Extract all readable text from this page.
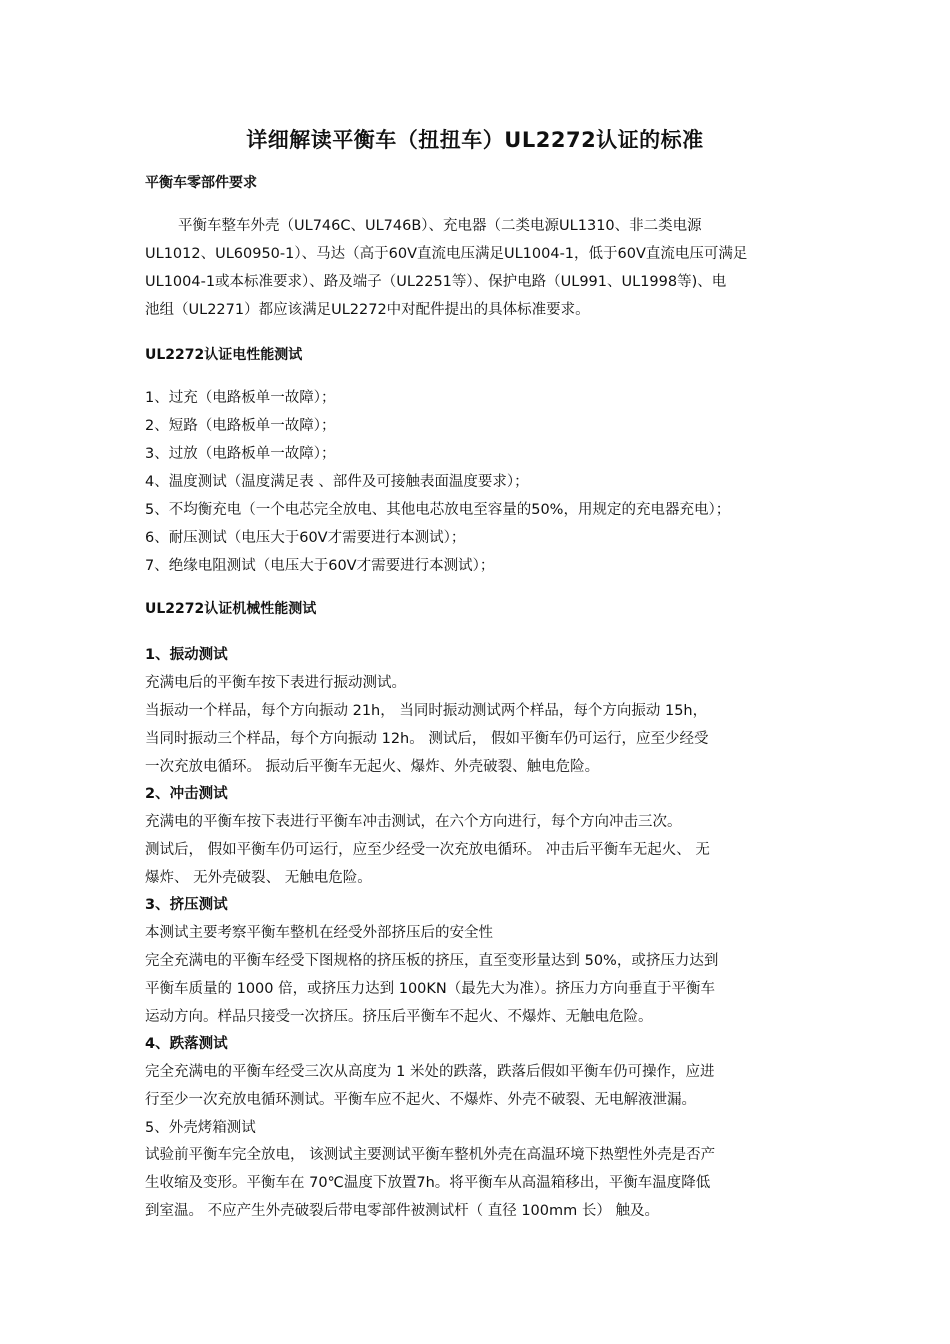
详细解读平衡车（扭扭车）UL2272认证的标准
平衡车零部件要求
平衡车整车外壳（UL746C、UL746B）、充电器（二类电源UL1310、非二类电源
UL1012、UL60950-1）、马达（高于60V直流电压满足UL1004-1，低于60V直流电压可满足
UL1004-1或本标准要求）、路及端子（UL2251等）、保护电路（UL991、UL1998等)、电
池组（UL2271）都应该满足UL2272中对配件提出的具体标准要求。
UL2272认证电性能测试
1、过充（电路板单一故障）；
2、短路（电路板单一故障）；
3、过放（电路板单一故障）；
4、温度测试（温度满足表 、部件及可接触表面温度要求）；
5、不均衡充电（一个电芯完全放电、其他电芯放电至容量的50%，用规定的充电器充电）；
6、耐压测试（电压大于60V才需要进行本测试）；
7、绝缘电阻测试（电压大于60V才需要进行本测试）；
UL2272认证机械性能测试
1、振动测试
充满电后的平衡车按下表进行振动测试。
当振动一个样品，每个方向振动 21h， 当同时振动测试两个样品，每个方向振动 15h，
当同时振动三个样品，每个方向振动 12h。 测试后， 假如平衡车仍可运行，应至少经受
一次充放电循环。 振动后平衡车无起火、爆炸、外壳破裂、触电危险。
2、冲击测试
充满电的平衡车按下表进行平衡车冲击测试，在六个方向进行，每个方向冲击三次。
测试后， 假如平衡车仍可运行，应至少经受一次充放电循环。 冲击后平衡车无起火、 无
爆炸、 无外壳破裂、 无触电危险。
3、挤压测试
本测试主要考察平衡车整机在经受外部挤压后的安全性
完全充满电的平衡车经受下图规格的挤压板的挤压，直至变形量达到 50%，或挤压力达到
平衡车质量的 1000 倍，或挤压力达到 100KN（最先大为准）。挤压力方向垂直于平衡车
运动方向。样品只接受一次挤压。挤压后平衡车不起火、不爆炸、无触电危险。
4、跌落测试
完全充满电的平衡车经受三次从高度为 1 米处的跌落，跌落后假如平衡车仍可操作，应进
行至少一次充放电循环测试。平衡车应不起火、不爆炸、外壳不破裂、无电解液泄漏。
5、外壳烤箱测试
试验前平衡车完全放电， 该测试主要测试平衡车整机外壳在高温环境下热塑性外壳是否产
生收缩及变形。平衡车在 70℃温度下放置7h。将平衡车从高温箱移出，平衡车温度降低
到室温。 不应产生外壳破裂后带电零部件被测试杆（ 直径 100mm 长） 触及。
